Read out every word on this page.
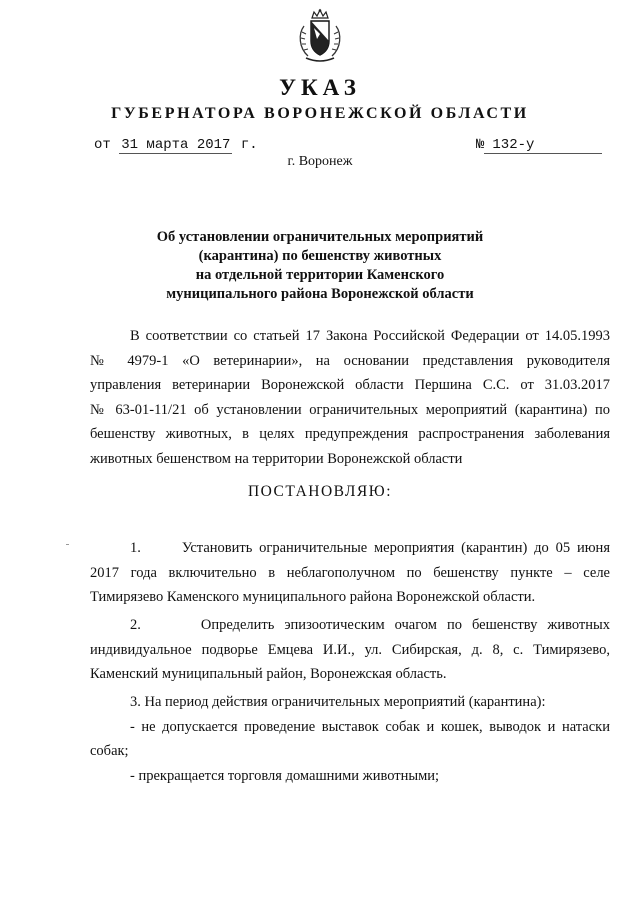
УКАЗ
ГУБЕРНАТОРА ВОРОНЕЖСКОЙ ОБЛАСТИ
от 31 марта 2017 г.	№ 132-у
г. Воронеж
Об установлении ограничительных мероприятий
(карантина) по бешенству животных
на отдельной территории Каменского
муниципального района Воронежской области
В соответствии со статьей 17 Закона Российской Федерации от 14.05.1993
№ 4979-1 «О ветеринарии», на основании представления руководителя
управления ветеринарии Воронежской области Першина С.С. от 31.03.2017
№ 63-01-11/21 об установлении ограничительных мероприятий (карантина) по
бешенству животных, в целях предупреждения распространения заболевания
животных бешенством на территории Воронежской области
ПОСТАНОВЛЯЮ:
1.      Установить ограничительные мероприятия (карантин) до 05 июня
2017 года включительно в неблагополучном по бешенству пункте – селе
Тимирязево Каменского муниципального района Воронежской области.
2.      Определить эпизоотическим очагом по бешенству животных
индивидуальное подворье Емцева И.И., ул. Сибирская, д. 8, с. Тимирязево,
Каменский муниципальный район, Воронежская область.
3. На период действия ограничительных мероприятий (карантина):
- не допускается проведение выставок собак и кошек, выводок и натаски
собак;
- прекращается торговля домашними животными;
